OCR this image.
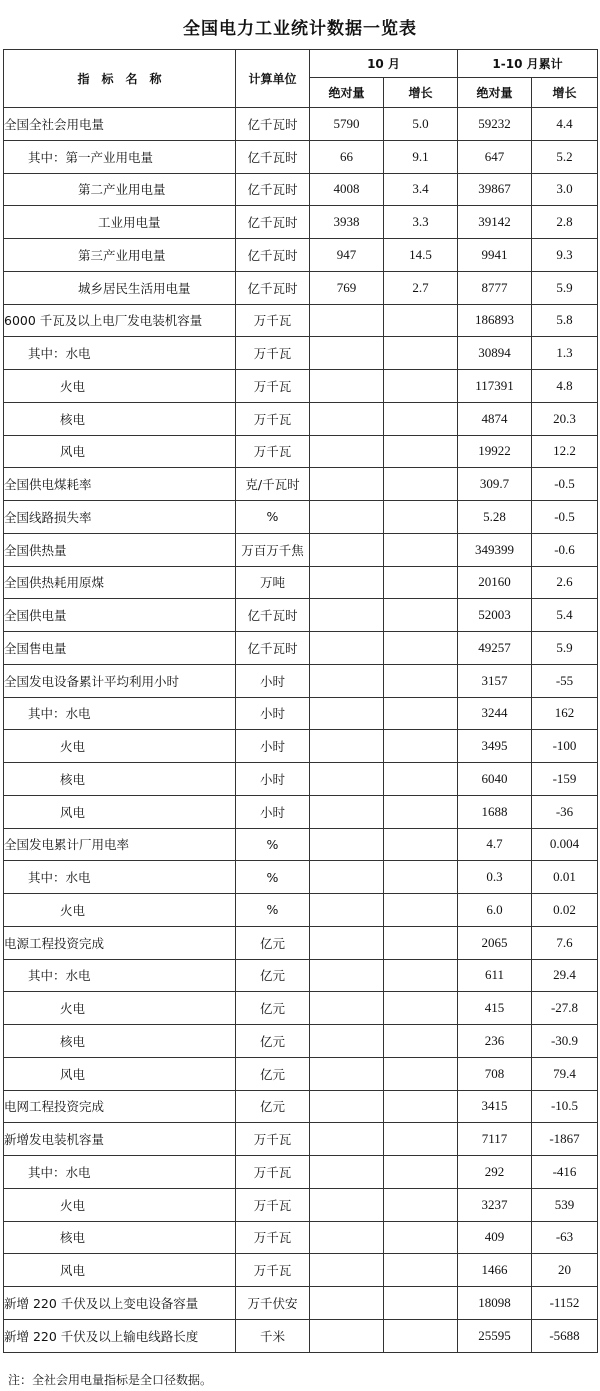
全国电力工业统计数据一览表
指　标　名　称	计算单位	10 月		1-10 月累计	
		绝对量	增长	绝对量	增长
全国全社会用电量	亿千瓦时	5790	5.0	59232	4.4
其中：第一产业用电量	亿千瓦时	66	9.1	647	5.2
第二产业用电量	亿千瓦时	4008	3.4	39867	3.0
工业用电量	亿千瓦时	3938	3.3	39142	2.8
第三产业用电量	亿千瓦时	947	14.5	9941	9.3
城乡居民生活用电量	亿千瓦时	769	2.7	8777	5.9
6000 千瓦及以上电厂发电装机容量	万千瓦			186893	5.8
其中：水电	万千瓦			30894	1.3
火电	万千瓦			117391	4.8
核电	万千瓦			4874	20.3
风电	万千瓦			19922	12.2
全国供电煤耗率	克/千瓦时			309.7	-0.5
全国线路损失率	%			5.28	-0.5
全国供热量	万百万千焦			349399	-0.6
全国供热耗用原煤	万吨			20160	2.6
全国供电量	亿千瓦时			52003	5.4
全国售电量	亿千瓦时			49257	5.9
全国发电设备累计平均利用小时	小时			3157	-55
其中：水电	小时			3244	162
火电	小时			3495	-100
核电	小时			6040	-159
风电	小时			1688	-36
全国发电累计厂用电率	%			4.7	0.004
其中：水电	%			0.3	0.01
火电	%			6.0	0.02
电源工程投资完成	亿元			2065	7.6
其中：水电	亿元			611	29.4
火电	亿元			415	-27.8
核电	亿元			236	-30.9
风电	亿元			708	79.4
电网工程投资完成	亿元			3415	-10.5
新增发电装机容量	万千瓦			7117	-1867
其中：水电	万千瓦			292	-416
火电	万千瓦			3237	539
核电	万千瓦			409	-63
风电	万千瓦			1466	20
新增 220 千伏及以上变电设备容量	万千伏安			18098	-1152
新增 220 千伏及以上输电线路长度	千米			25595	-5688
注：全社会用电量指标是全口径数据。
